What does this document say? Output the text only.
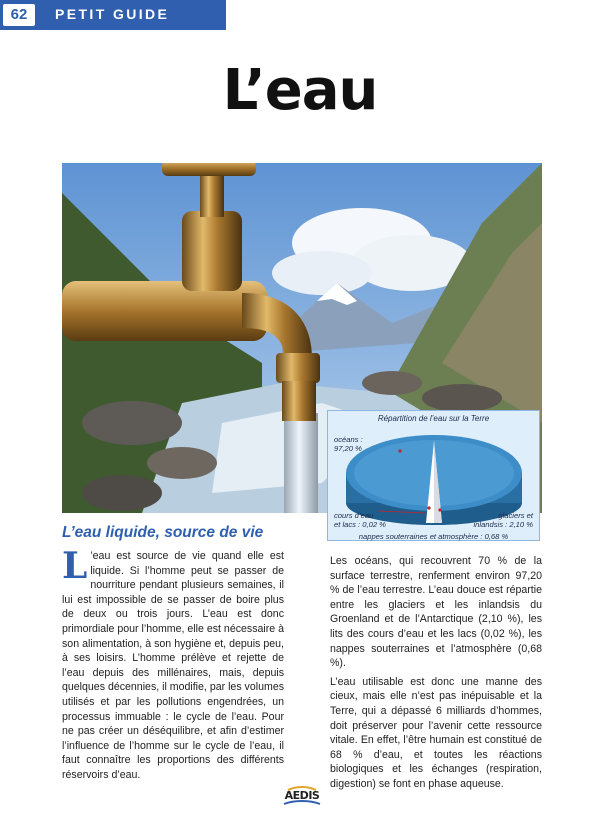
62	PETIT GUIDE
L’eau
Répartition de l’eau sur la Terre
océans :
97,20 %
cours d’eau
et lacs : 0,02 %
glaciers et
inlandsis : 2,10 %
nappes souterraines et atmosphère : 0,68 %
L’eau liquide, source de vie

L ’eau est source de vie quand elle est liquide. Si l’homme peut se passer de nourriture pendant plusieurs semaines, il lui est impossible de se passer de boire plus de deux ou trois jours. L’eau est donc primordiale pour l’homme, elle est nécessaire à son alimentation, à son hygiène et, depuis peu, à ses loisirs. L’homme prélève et rejette de l’eau depuis des millénaires, mais, depuis quelques décennies, il modifie, par les volumes utilisés et par les pollutions engendrées, un processus immuable : le cycle de l’eau. Pour ne pas créer un déséquilibre, et afin d’estimer l’influence de l’homme sur le cycle de l’eau, il faut connaître les proportions des différents réservoirs d’eau.

Les océans, qui recouvrent 70 % de la surface terrestre, renferment environ 97,20 % de l’eau terrestre. L’eau douce est répartie entre les glaciers et les inlandsis du Groenland et de l’Antarctique (2,10 %), les lits des cours d’eau et les lacs (0,02 %), les nappes souterraines et l’atmosphère (0,68 %).

L’eau utilisable est donc une manne des cieux, mais elle n’est pas inépuisable et la Terre, qui a dépassé 6 milliards d’hommes, doit préserver pour l’avenir cette ressource vitale. En effet, l’être humain est constitué de 68 % d’eau, et toutes les réactions biologiques et les échanges (respiration, digestion) se font en phase aqueuse.

AEDIS
